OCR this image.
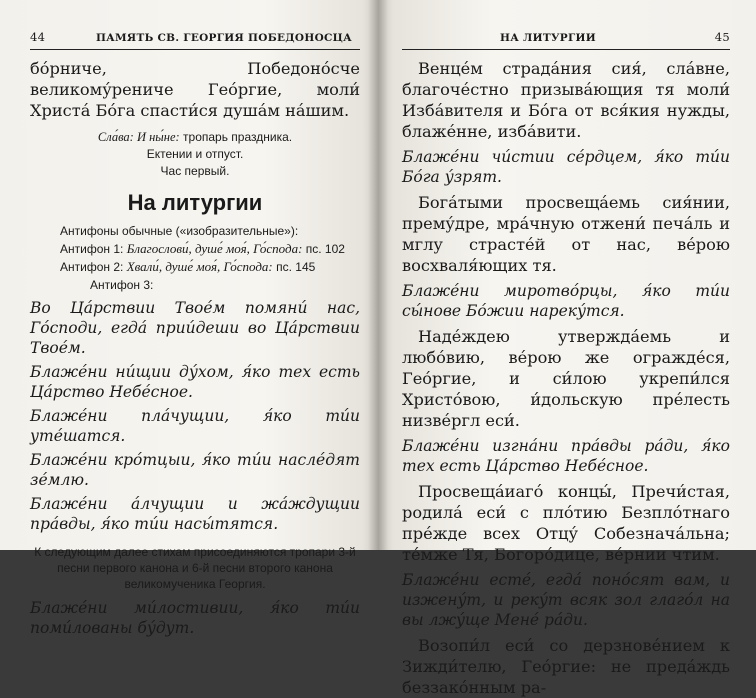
44	ПАМЯТЬ СВ. ГЕОРГИЯ ПОБЕДОНОСЦА

бо́рниче, Победоно́сче великому́рениче Гео́ргие, моли́ Христа́ Бо́га спасти́ся душа́м на́шим.

Сла́ва: И ны́не: тропарь праздника.

Ектении и отпуст.

Час первый.

На литургии

Антифоны обычные («изобразительные»):

Антифон 1: Благослови́, душе́ моя́, Го́спода: пс. 102

Антифон 2: Хвали́, душе́ моя́, Го́спода: пс. 145

Антифон 3:

Во Ца́рствии Твое́м помяни́ нас, Го́споди, егда́ прии́деши во Ца́рствии Твое́м.

Блаже́ни ни́щии ду́хом, я́ко тех есть Ца́рство Небе́сное.

Блаже́ни пла́чущии, я́ко ти́и уте́шатся.

Блаже́ни кро́тцыи, я́ко ти́и насле́дят зе́млю.

Блаже́ни а́лчущии и жа́ждущии пра́вды, я́ко ти́и насы́тятся.

К следующим далее стихам присоединяются тропари 3-й песни первого канона и 6-й песни второго канона великомученика Георгия.

Блаже́ни ми́лостивии, я́ко ти́и поми́лованы бу́дут.

НА ЛИТУРГИИ	45

Венце́м страда́ния сия́, сла́вне, благоче́стно призыва́ющия тя моли́ Изба́вителя и Бо́га от вся́кия нужды, блаже́нне, изба́вити.

Блаже́ни чи́стии се́рдцем, я́ко ти́и Бо́га у́зрят.

Бога́тыми просвеща́емь сия́нии, прему́дре, мра́чную отжени́ печа́ль и мглу страсте́й от нас, ве́рою восхваля́ющих тя.

Блаже́ни миротво́рцы, я́ко ти́и сы́нове Бо́жии нареку́тся.

Наде́ждею утвержда́емь и любо́вию, ве́рою же огражде́ся, Гео́ргие, и си́лою укрепи́лся Христо́вою, и́дольскую пре́лесть низве́ргл еси́.

Блаже́ни изгна́ни пра́вды ра́ди, я́ко тех есть Ца́рство Небе́сное.

Просвеща́иаго́ концы́, Пречи́стая, родила́ еси́ с пло́тию Безпло́тнаго пре́жде всех Отцу́ Собезнача́льна; те́мже Тя, Богоро́дице, ве́рнии чтим.

Блаже́ни есте́, егда́ поно́сят вам, и изжену́т, и реку́т всяк зол глаго́л на вы лжу́ще Мене́ ра́ди.

Возопи́л еси́ со дерзнове́нием к Зижди́телю, Гео́ргие: не преда́ждь беззако́нным ра-
